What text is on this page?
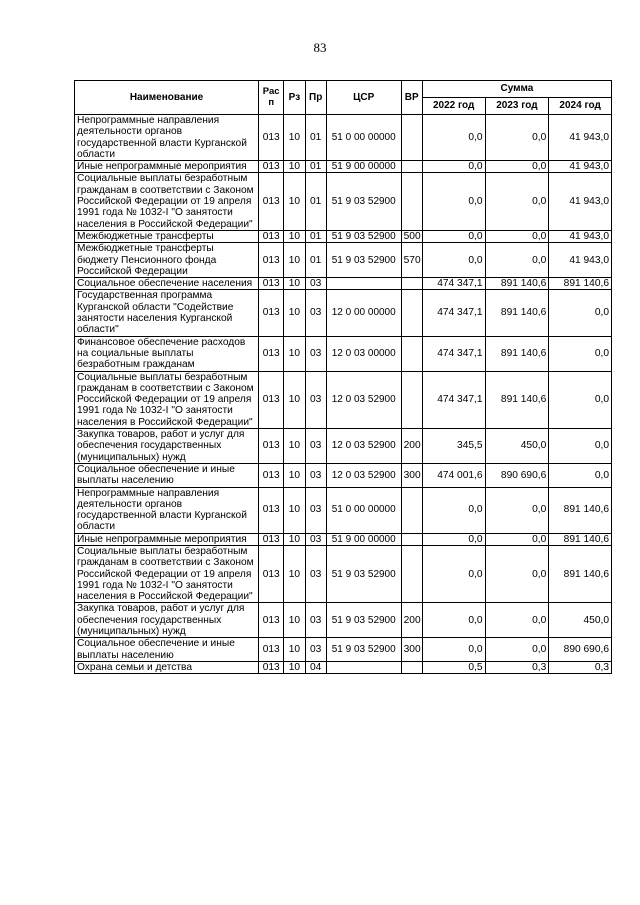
83
Наименование	Рас п	Рз	Пр	ЦСР	ВР	Сумма		
						2022 год	2023 год	2024 год
Непрограммные направления деятельности органов государственной власти Курганской области	013	10	01	51 0 00 00000		0,0	0,0	41 943,0
Иные непрограммные мероприятия	013	10	01	51 9 00 00000		0,0	0,0	41 943,0
Социальные выплаты безработным гражданам в соответствии с Законом Российской Федерации от 19 апреля 1991 года № 1032-I "О занятости населения в Российской Федерации"	013	10	01	51 9 03 52900		0,0	0,0	41 943,0
Межбюджетные трансферты	013	10	01	51 9 03 52900	500	0,0	0,0	41 943,0
Межбюджетные трансферты бюджету Пенсионного фонда Российской Федерации	013	10	01	51 9 03 52900	570	0,0	0,0	41 943,0
Социальное обеспечение населения	013	10	03			474 347,1	891 140,6	891 140,6
Государственная программа Курганской области "Содействие занятости населения Курганской области"	013	10	03	12 0 00 00000		474 347,1	891 140,6	0,0
Финансовое обеспечение расходов на социальные выплаты безработным гражданам	013	10	03	12 0 03 00000		474 347,1	891 140,6	0,0
Социальные выплаты безработным гражданам в соответствии с Законом Российской Федерации от 19 апреля 1991 года № 1032-I "О занятости населения в Российской Федерации"	013	10	03	12 0 03 52900		474 347,1	891 140,6	0,0
Закупка товаров, работ и услуг для обеспечения государственных (муниципальных) нужд	013	10	03	12 0 03 52900	200	345,5	450,0	0,0
Социальное обеспечение и иные выплаты населению	013	10	03	12 0 03 52900	300	474 001,6	890 690,6	0,0
Непрограммные направления деятельности органов государственной власти Курганской области	013	10	03	51 0 00 00000		0,0	0,0	891 140,6
Иные непрограммные мероприятия	013	10	03	51 9 00 00000		0,0	0,0	891 140,6
Социальные выплаты безработным гражданам в соответствии с Законом Российской Федерации от 19 апреля 1991 года № 1032-I "О занятости населения в Российской Федерации"	013	10	03	51 9 03 52900		0,0	0,0	891 140,6
Закупка товаров, работ и услуг для обеспечения государственных (муниципальных) нужд	013	10	03	51 9 03 52900	200	0,0	0,0	450,0
Социальное обеспечение и иные выплаты населению	013	10	03	51 9 03 52900	300	0,0	0,0	890 690,6
Охрана семьи и детства	013	10	04			0,5	0,3	0,3
